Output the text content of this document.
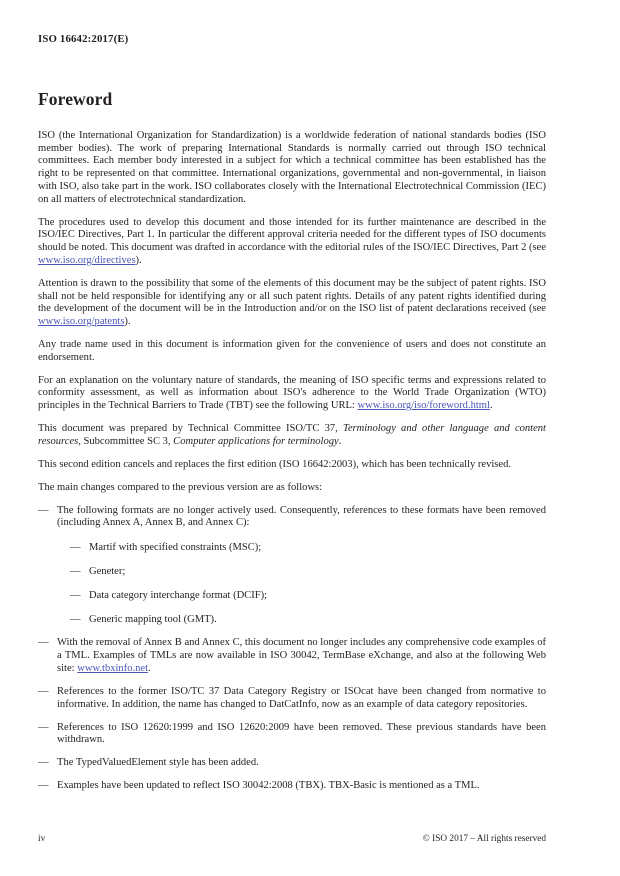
ISO 16642:2017(E)
Foreword

ISO (the International Organization for Standardization) is a worldwide federation of national standards bodies (ISO member bodies). The work of preparing International Standards is normally carried out through ISO technical committees. Each member body interested in a subject for which a technical committee has been established has the right to be represented on that committee. International organizations, governmental and non-governmental, in liaison with ISO, also take part in the work. ISO collaborates closely with the International Electrotechnical Commission (IEC) on all matters of electrotechnical standardization.

The procedures used to develop this document and those intended for its further maintenance are described in the ISO/IEC Directives, Part 1. In particular the different approval criteria needed for the different types of ISO documents should be noted. This document was drafted in accordance with the editorial rules of the ISO/IEC Directives, Part 2 (see www.iso.org/directives).

Attention is drawn to the possibility that some of the elements of this document may be the subject of patent rights. ISO shall not be held responsible for identifying any or all such patent rights. Details of any patent rights identified during the development of the document will be in the Introduction and/or on the ISO list of patent declarations received (see www.iso.org/patents).

Any trade name used in this document is information given for the convenience of users and does not constitute an endorsement.

For an explanation on the voluntary nature of standards, the meaning of ISO specific terms and expressions related to conformity assessment, as well as information about ISO's adherence to the World Trade Organization (WTO) principles in the Technical Barriers to Trade (TBT) see the following URL: www.iso.org/iso/foreword.html.

This document was prepared by Technical Committee ISO/TC 37, Terminology and other language and content resources, Subcommittee SC 3, Computer applications for terminology.

This second edition cancels and replaces the first edition (ISO 16642:2003), which has been technically revised.

The main changes compared to the previous version are as follows:

— The following formats are no longer actively used. Consequently, references to these formats have been removed (including Annex A, Annex B, and Annex C):
— Martif with specified constraints (MSC);
— Geneter;
— Data category interchange format (DCIF);
— Generic mapping tool (GMT).
— With the removal of Annex B and Annex C, this document no longer includes any comprehensive code examples of a TML. Examples of TMLs are now available in ISO 30042, TermBase eXchange, and also at the following Web site: www.tbxinfo.net.
— References to the former ISO/TC 37 Data Category Registry or ISOcat have been changed from normative to informative. In addition, the name has changed to DatCatInfo, now as an example of data category repositories.
— References to ISO 12620:1999 and ISO 12620:2009 have been removed. These previous standards have been withdrawn.
— The TypedValuedElement style has been added.
— Examples have been updated to reflect ISO 30042:2008 (TBX). TBX-Basic is mentioned as a TML.
iv	© ISO 2017 – All rights reserved
